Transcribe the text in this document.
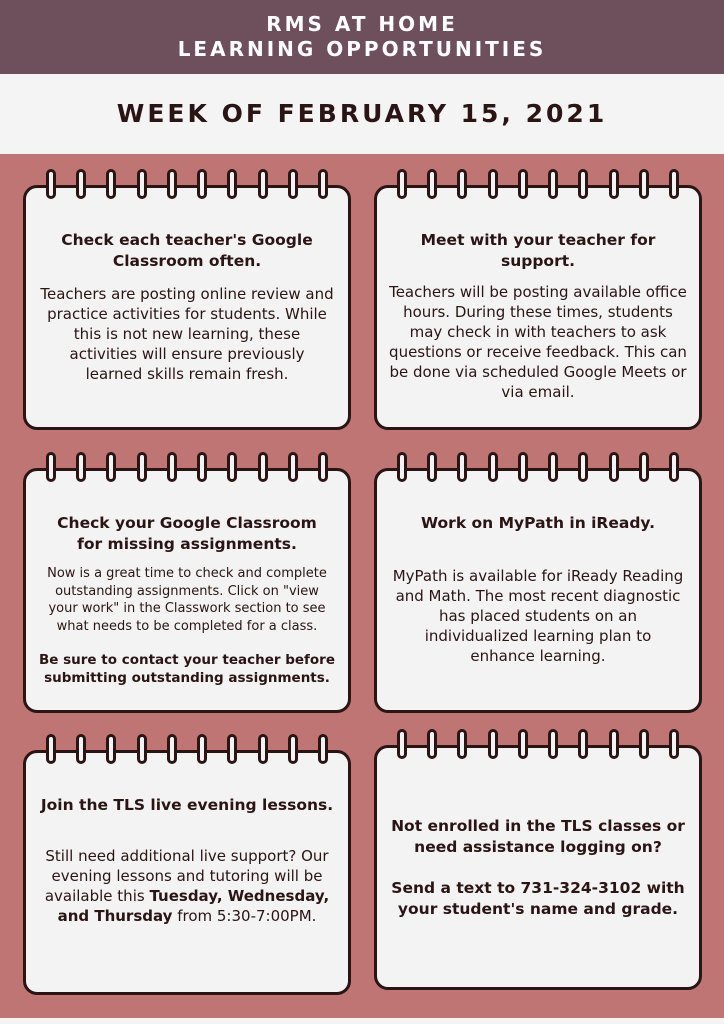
RMS AT HOME
LEARNING OPPORTUNITIES
WEEK OF FEBRUARY 15, 2021
Check each teacher's Google Classroom often.
Teachers are posting online review and practice activities for students. While this is not new learning, these activities will ensure previously learned skills remain fresh.
Meet with your teacher for support.
Teachers will be posting available office hours. During these times, students may check in with teachers to ask questions or receive feedback. This can be done via scheduled Google Meets or via email.
Check your Google Classroom for missing assignments.
Now is a great time to check and complete outstanding assignments. Click on "view your work" in the Classwork section to see what needs to be completed for a class.
Be sure to contact your teacher before submitting outstanding assignments.
Work on MyPath in iReady.
MyPath is available for iReady Reading and Math. The most recent diagnostic has placed students on an individualized learning plan to enhance learning.
Join the TLS live evening lessons.
Still need additional live support? Our evening lessons and tutoring will be available this Tuesday, Wednesday, and Thursday from 5:30-7:00PM.
Not enrolled in the TLS classes or need assistance logging on?
Send a text to 731-324-3102 with your student's name and grade.
